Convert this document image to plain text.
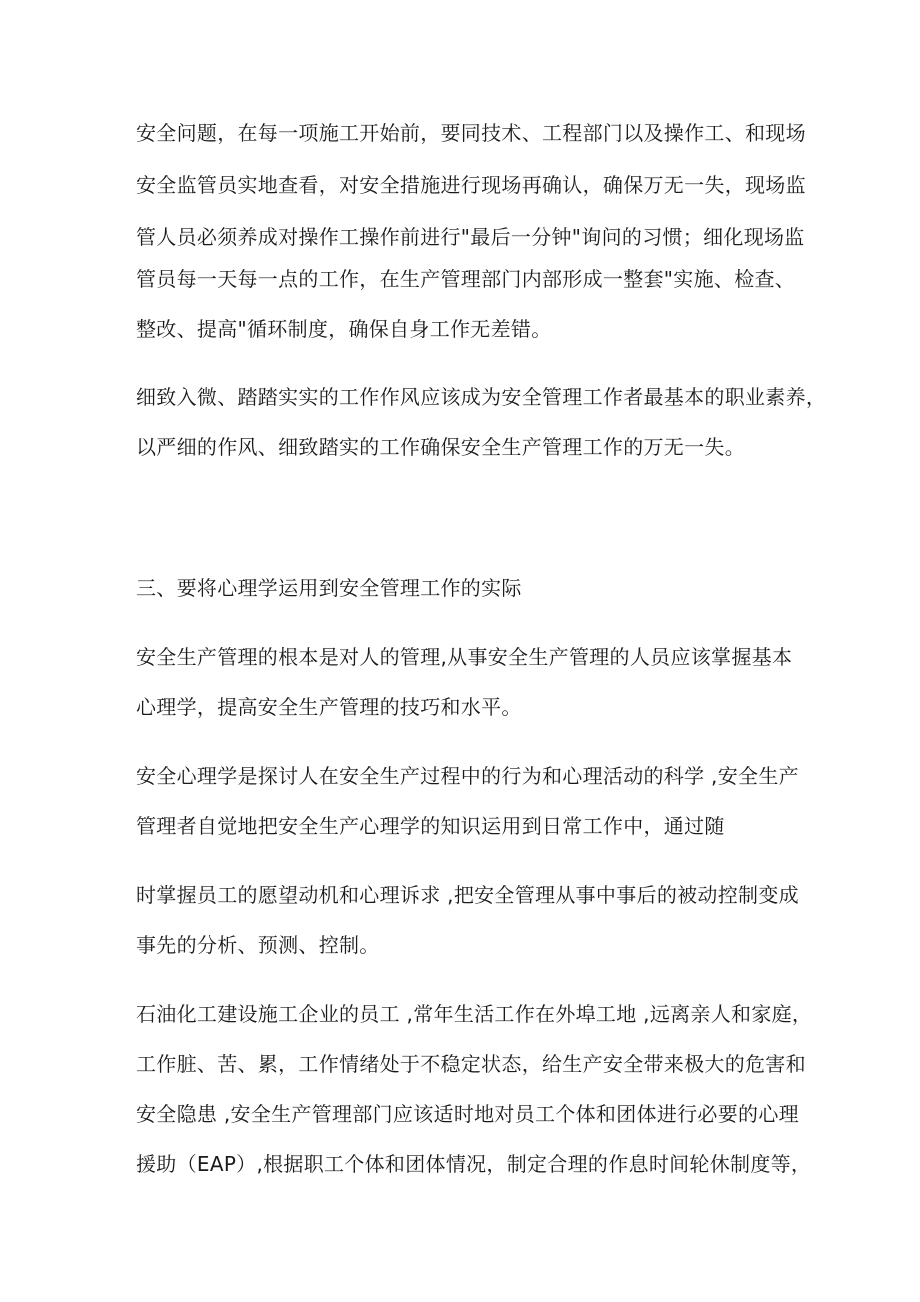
安全问题，在每一项施工开始前，要同技术、工程部门以及操作工、和现场
安全监管员实地查看，对安全措施进行现场再确认，确保万无一失，现场监
管人员必须养成对操作工操作前进行"最后一分钟"询问的习惯；细化现场监
管员每一天每一点的工作，在生产管理部门内部形成一整套"实施、检查、
整改、提高"循环制度，确保自身工作无差错。
细致入微、踏踏实实的工作作风应该成为安全管理工作者最基本的职业素养，
以严细的作风、细致踏实的工作确保安全生产管理工作的万无一失。
三、要将心理学运用到安全管理工作的实际
安全生产管理的根本是对人的管理,从事安全生产管理的人员应该掌握基本
心理学，提高安全生产管理的技巧和水平。
安全心理学是探讨人在安全生产过程中的行为和心理活动的科学 ,安全生产
管理者自觉地把安全生产心理学的知识运用到日常工作中，通过随
时掌握员工的愿望动机和心理诉求 ,把安全管理从事中事后的被动控制变成
事先的分析、预测、控制。
石油化工建设施工企业的员工 ,常年生活工作在外埠工地 ,远离亲人和家庭，
工作脏、苦、累，工作情绪处于不稳定状态，给生产安全带来极大的危害和
安全隐患 ,安全生产管理部门应该适时地对员工个体和团体进行必要的心理
援助（EAP）,根据职工个体和团体情况，制定合理的作息时间轮休制度等，
